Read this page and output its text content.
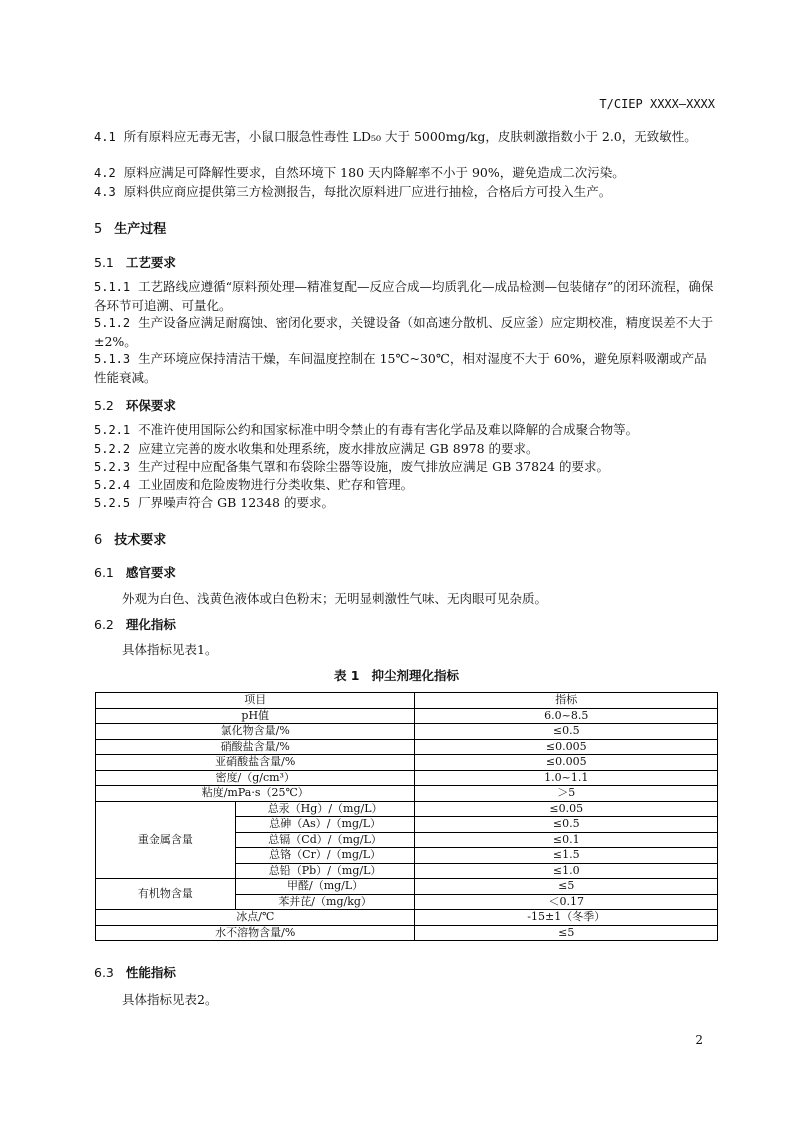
T/CIEP XXXX—XXXX
4.1 所有原料应无毒无害，小鼠口服急性毒性 LD₅₀ 大于 5000mg/kg，皮肤刺激指数小于 2.0，无致敏性。
4.2 原料应满足可降解性要求，自然环境下 180 天内降解率不小于 90%，避免造成二次污染。
4.3 原料供应商应提供第三方检测报告，每批次原料进厂应进行抽检，合格后方可投入生产。
5 生产过程
5.1 工艺要求
5.1.1 工艺路线应遵循“原料预处理—精准复配—反应合成—均质乳化—成品检测—包装储存”的闭环流程，确保各环节可追溯、可量化。
5.1.2 生产设备应满足耐腐蚀、密闭化要求，关键设备（如高速分散机、反应釜）应定期校准，精度误差不大于±2%。
5.1.3 生产环境应保持清洁干燥，车间温度控制在 15℃~30℃，相对湿度不大于 60%，避免原料吸潮或产品性能衰减。
5.2 环保要求
5.2.1 不准许使用国际公约和国家标准中明令禁止的有毒有害化学品及难以降解的合成聚合物等。
5.2.2 应建立完善的废水收集和处理系统，废水排放应满足 GB 8978 的要求。
5.2.3 生产过程中应配备集气罩和布袋除尘器等设施，废气排放应满足 GB 37824 的要求。
5.2.4 工业固废和危险废物进行分类收集、贮存和管理。
5.2.5 厂界噪声符合 GB 12348 的要求。
6 技术要求
6.1 感官要求
外观为白色、浅黄色液体或白色粉末；无明显刺激性气味、无肉眼可见杂质。
6.2 理化指标
具体指标见表1。
表 1 抑尘剂理化指标
项目		指标
pH值		6.0~8.5
氯化物含量/%		≤0.5
硝酸盐含量/%		≤0.005
亚硝酸盐含量/%		≤0.005
密度/（g/cm³）		1.0~1.1
粘度/mPa·s（25℃）		＞5
重金属含量	总汞（Hg）/（mg/L）	≤0.05
	总砷（As）/（mg/L）	≤0.5
	总镉（Cd）/（mg/L）	≤0.1
	总铬（Cr）/（mg/L）	≤1.5
	总铅（Pb）/（mg/L）	≤1.0
有机物含量	甲醛/（mg/L）	≤5
	苯并芘/（mg/kg）	＜0.17
冰点/℃		-15±1（冬季）
水不溶物含量/%		≤5
6.3 性能指标
具体指标见表2。
2
